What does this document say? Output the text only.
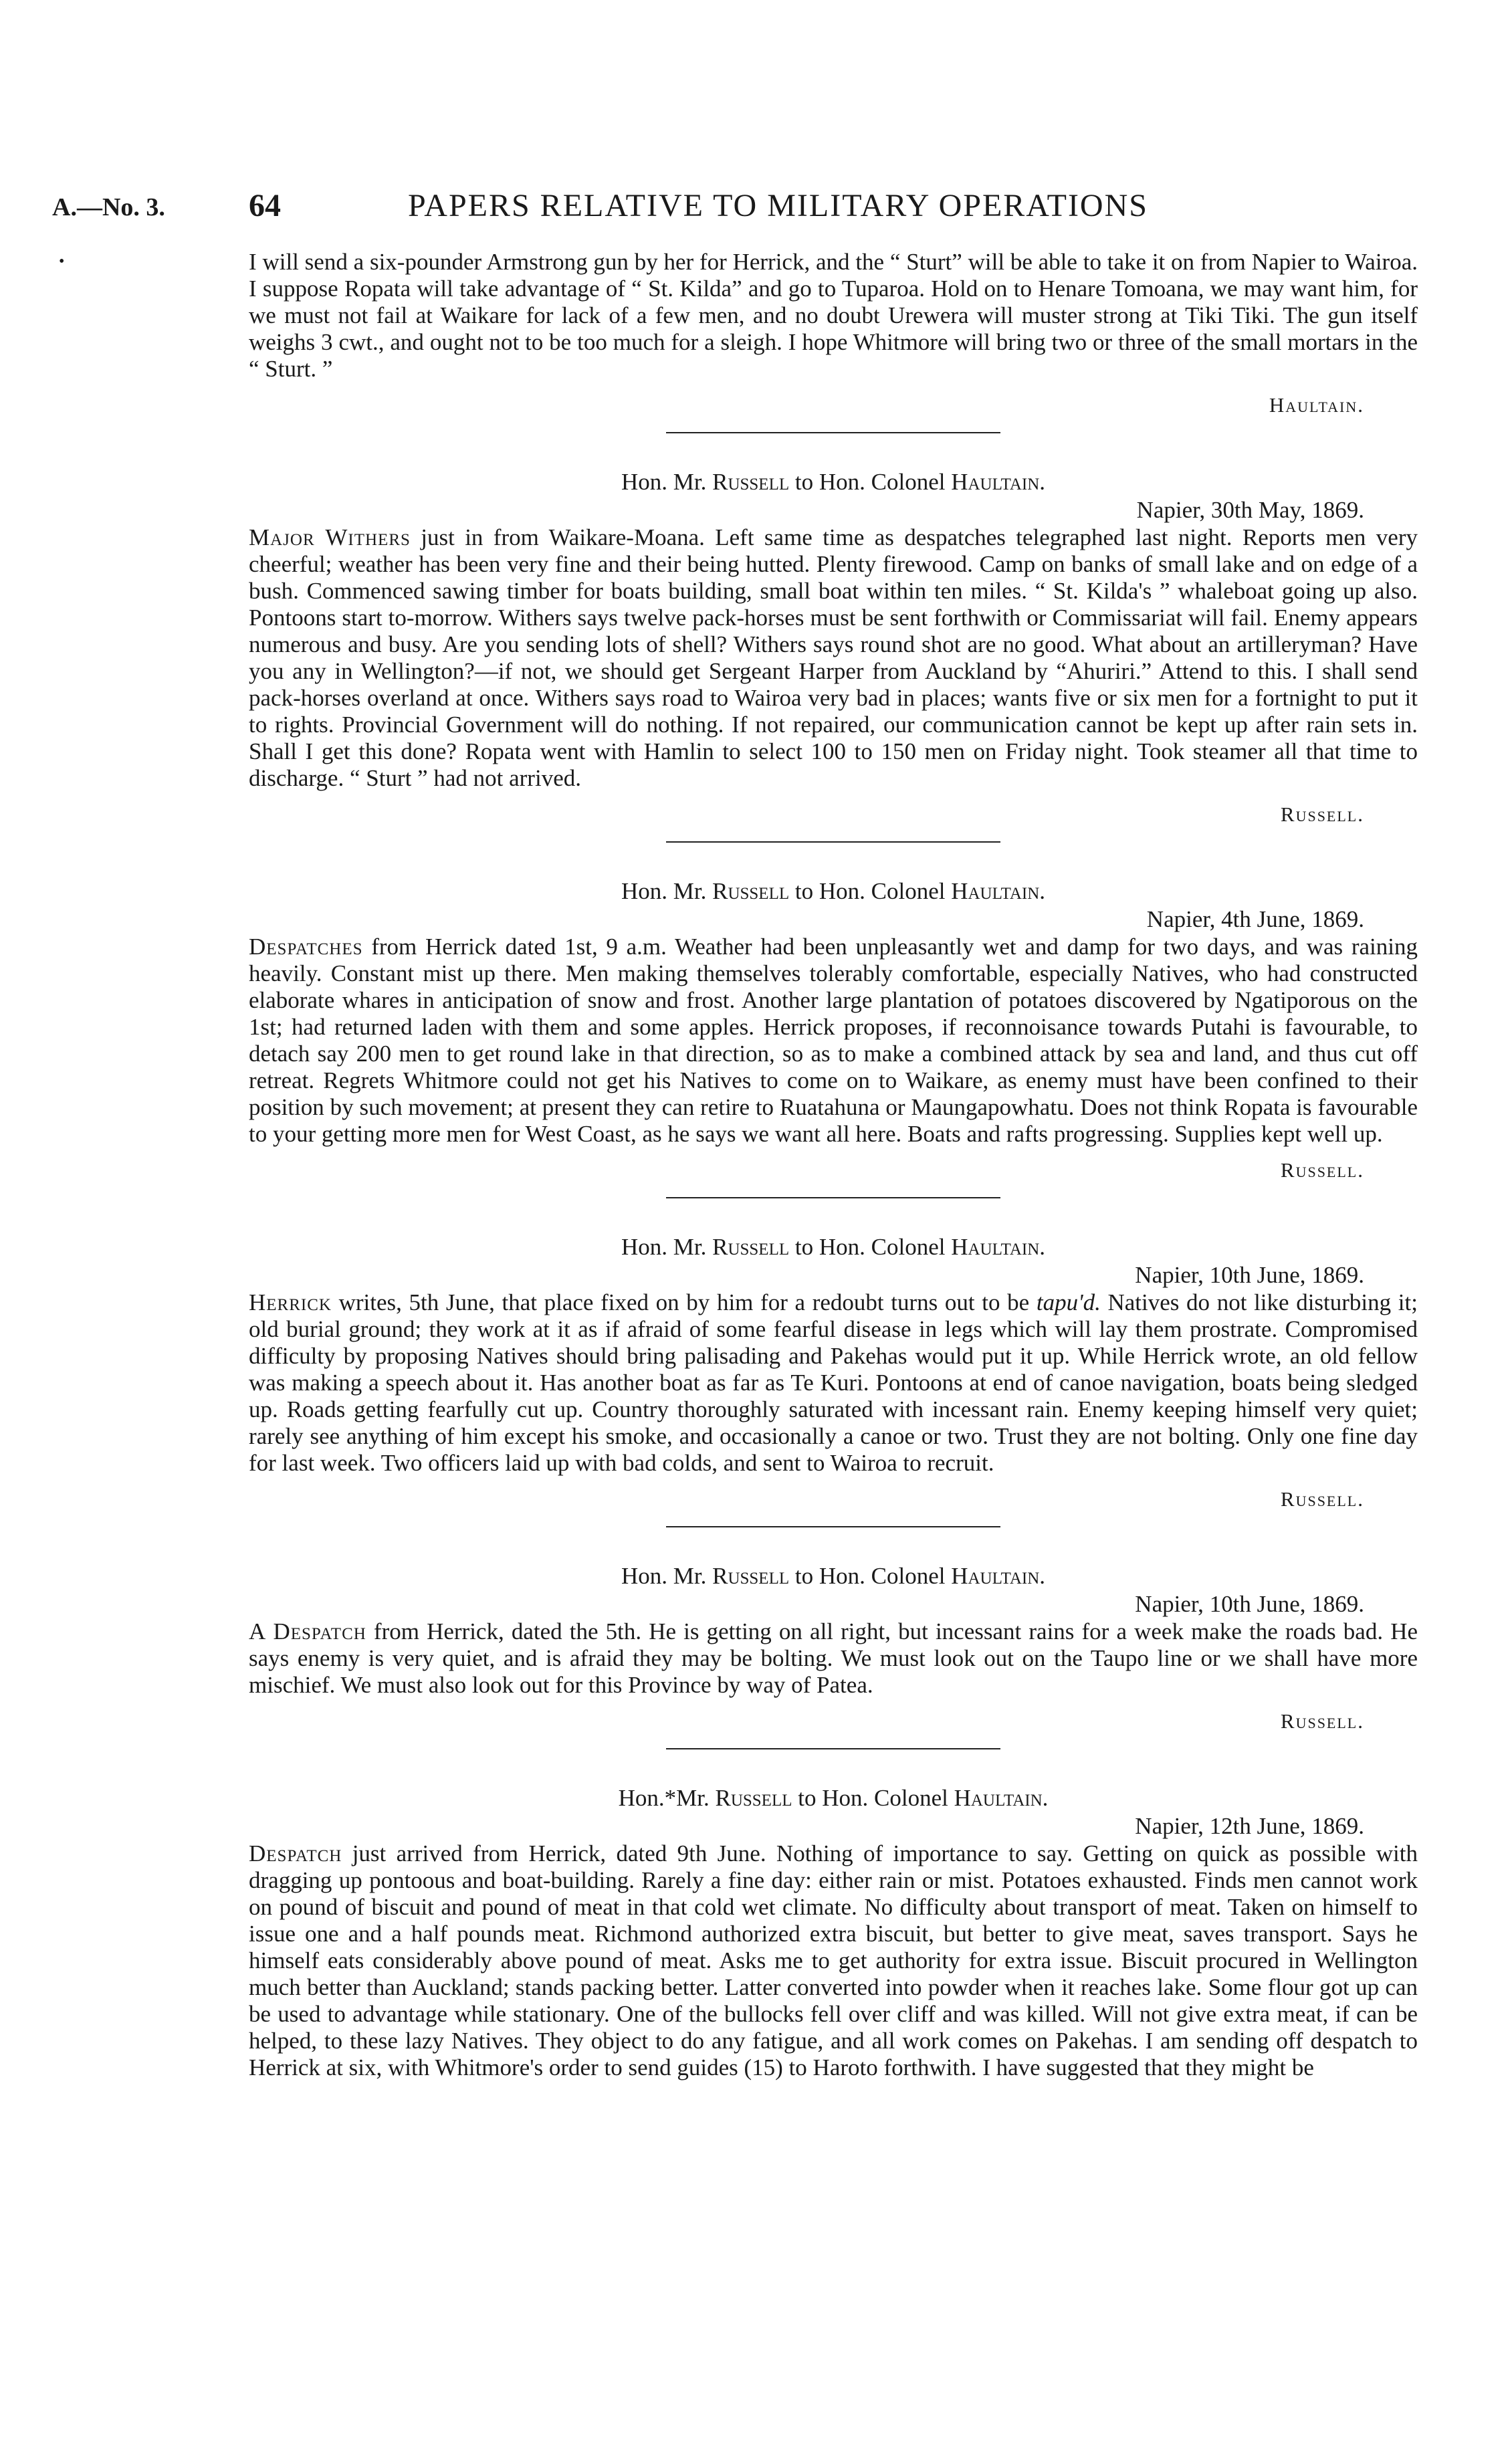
A.—No. 3.	64	PAPERS RELATIVE TO MILITARY OPERATIONS
•	I will send a six-pounder Armstrong gun by her for Herrick, and the “ Sturt” will be able to take it on from Napier to Wairoa. I suppose Ropata will take advantage of “ St. Kilda” and go to Tuparoa. Hold on to Henare Tomoana, we may want him, for we must not fail at Waikare for lack of a few men, and no doubt Urewera will muster strong at Tiki Tiki. The gun itself weighs 3 cwt., and ought not to be too much for a sleigh. I hope Whitmore will bring two or three of the small mortars in the “ Sturt. ”

Haultain.
Hon. Mr. Russell to Hon. Colonel Haultain.
Napier, 30th May, 1869.

Major Withers just in from Waikare-Moana. Left same time as despatches telegraphed last night. Reports men very cheerful; weather has been very fine and their being hutted. Plenty firewood. Camp on banks of small lake and on edge of a bush. Commenced sawing timber for boats building, small boat within ten miles. “ St. Kilda's ” whaleboat going up also. Pontoons start to-morrow. Withers says twelve pack-horses must be sent forthwith or Commissariat will fail. Enemy appears numerous and busy. Are you sending lots of shell? Withers says round shot are no good. What about an artilleryman? Have you any in Wellington?—if not, we should get Sergeant Harper from Auckland by “Ahuriri.” Attend to this. I shall send pack-horses overland at once. Withers says road to Wairoa very bad in places; wants five or six men for a fortnight to put it to rights. Provincial Government will do nothing. If not repaired, our communication cannot be kept up after rain sets in. Shall I get this done? Ropata went with Hamlin to select 100 to 150 men on Friday night. Took steamer all that time to discharge. “ Sturt ” had not arrived.

Russell.
Hon. Mr. Russell to Hon. Colonel Haultain.
Napier, 4th June, 1869.

Despatches from Herrick dated 1st, 9 a.m. Weather had been unpleasantly wet and damp for two days, and was raining heavily. Constant mist up there. Men making themselves tolerably comfortable, especially Natives, who had constructed elaborate whares in anticipation of snow and frost. Another large plantation of potatoes discovered by Ngatiporous on the 1st; had returned laden with them and some apples. Herrick proposes, if reconnoisance towards Putahi is favourable, to detach say 200 men to get round lake in that direction, so as to make a combined attack by sea and land, and thus cut off retreat. Regrets Whitmore could not get his Natives to come on to Waikare, as enemy must have been confined to their position by such movement; at present they can retire to Ruatahuna or Maungapowhatu. Does not think Ropata is favourable to your getting more men for West Coast, as he says we want all here. Boats and rafts progressing. Supplies kept well up.

Russell.
Hon. Mr. Russell to Hon. Colonel Haultain.
Napier, 10th June, 1869.

Herrick writes, 5th June, that place fixed on by him for a redoubt turns out to be tapu'd. Natives do not like disturbing it; old burial ground; they work at it as if afraid of some fearful disease in legs which will lay them prostrate. Compromised difficulty by proposing Natives should bring palisading and Pakehas would put it up. While Herrick wrote, an old fellow was making a speech about it. Has another boat as far as Te Kuri. Pontoons at end of canoe navigation, boats being sledged up. Roads getting fearfully cut up. Country thoroughly saturated with incessant rain. Enemy keeping himself very quiet; rarely see anything of him except his smoke, and occasionally a canoe or two. Trust they are not bolting. Only one fine day for last week. Two officers laid up with bad colds, and sent to Wairoa to recruit.

Russell.
Hon. Mr. Russell to Hon. Colonel Haultain.
Napier, 10th June, 1869.

A Despatch from Herrick, dated the 5th. He is getting on all right, but incessant rains for a week make the roads bad. He says enemy is very quiet, and is afraid they may be bolting. We must look out on the Taupo line or we shall have more mischief. We must also look out for this Province by way of Patea.

Russell.
Hon.*Mr. Russell to Hon. Colonel Haultain.
Napier, 12th June, 1869.

Despatch just arrived from Herrick, dated 9th June. Nothing of importance to say. Getting on quick as possible with dragging up pontoous and boat-building. Rarely a fine day: either rain or mist. Potatoes exhausted. Finds men cannot work on pound of biscuit and pound of meat in that cold wet climate. No difficulty about transport of meat. Taken on himself to issue one and a half pounds meat. Richmond authorized extra biscuit, but better to give meat, saves transport. Says he himself eats considerably above pound of meat. Asks me to get authority for extra issue. Biscuit procured in Wellington much better than Auckland; stands packing better. Latter converted into powder when it reaches lake. Some flour got up can be used to advantage while stationary. One of the bullocks fell over cliff and was killed. Will not give extra meat, if can be helped, to these lazy Natives. They object to do any fatigue, and all work comes on Pakehas. I am sending off despatch to Herrick at six, with Whitmore's order to send guides (15) to Haroto forthwith. I have suggested that they might be
